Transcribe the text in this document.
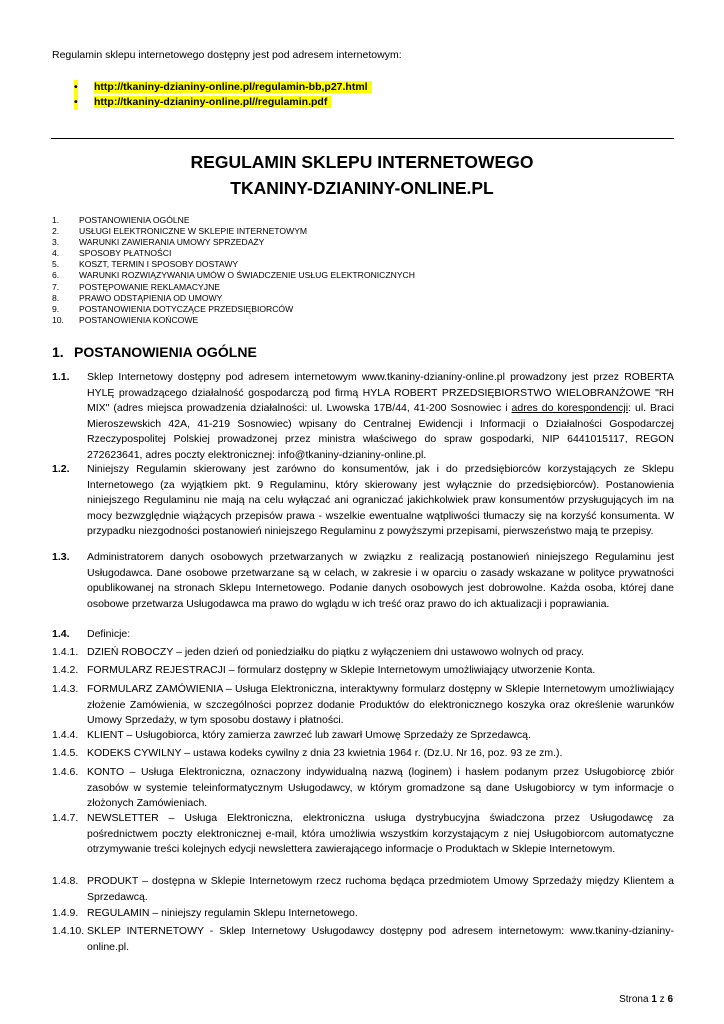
Regulamin sklepu internetowego dostępny jest pod adresem internetowym:
• http://tkaniny-dzianiny-online.pl/regulamin-bb,p27.html
• http://tkaniny-dzianiny-online.pl//regulamin.pdf
REGULAMIN SKLEPU INTERNETOWEGO
TKANINY-DZIANINY-ONLINE.PL
1. POSTANOWIENIA OGÓLNE
2. USŁUGI ELEKTRONICZNE W SKLEPIE INTERNETOWYM
3. WARUNKI ZAWIERANIA UMOWY SPRZEDAŻY
4. SPOSOBY PŁATNOŚCI
5. KOSZT, TERMIN I SPOSOBY DOSTAWY
6. WARUNKI ROZWIĄZYWANIA UMÓW O ŚWIADCZENIE USŁUG ELEKTRONICZNYCH
7. POSTĘPOWANIE REKLAMACYJNE
8. PRAWO ODSTĄPIENIA OD UMOWY
9. POSTANOWIENIA DOTYCZĄCE PRZEDSIĘBIORCÓW
10. POSTANOWIENIA KOŃCOWE
1. POSTANOWIENIA OGÓLNE
1.1.	Sklep Internetowy dostępny pod adresem internetowym www.tkaniny-dzianiny-online.pl prowadzony jest przez ROBERTA HYLĘ prowadzącego działalność gospodarczą pod firmą HYLA ROBERT PRZEDSIĘBIORSTWO WIELOBRANŻOWE "RH MIX" (adres miejsca prowadzenia działalności: ul. Lwowska 17B/44, 41-200 Sosnowiec i adres do korespondencji: ul. Braci Mieroszewskich 42A, 41-219 Sosnowiec) wpisany do Centralnej Ewidencji i Informacji o Działalności Gospodarczej Rzeczypospolitej Polskiej prowadzonej przez ministra właściwego do spraw gospodarki, NIP 6441015117, REGON 272623641, adres poczty elektronicznej: info@tkaniny-dzianiny-online.pl.
1.2.	Niniejszy Regulamin skierowany jest zarówno do konsumentów, jak i do przedsiębiorców korzystających ze Sklepu Internetowego (za wyjątkiem pkt. 9 Regulaminu, który skierowany jest wyłącznie do przedsiębiorców). Postanowienia niniejszego Regulaminu nie mają na celu wyłączać ani ograniczać jakichkolwiek praw konsumentów przysługujących im na mocy bezwzględnie wiążących przepisów prawa - wszelkie ewentualne wątpliwości tłumaczy się na korzyść konsumenta. W przypadku niezgodności postanowień niniejszego Regulaminu z powyższymi przepisami, pierwszeństwo mają te przepisy.
1.3.	Administratorem danych osobowych przetwarzanych w związku z realizacją postanowień niniejszego Regulaminu jest Usługodawca. Dane osobowe przetwarzane są w celach, w zakresie i w oparciu o zasady wskazane w polityce prywatności opublikowanej na stronach Sklepu Internetowego. Podanie danych osobowych jest dobrowolne. Każda osoba, której dane osobowe przetwarza Usługodawca ma prawo do wglądu w ich treść oraz prawo do ich aktualizacji i poprawiania.
1.4.	Definicje:
1.4.1. DZIEŃ ROBOCZY – jeden dzień od poniedziałku do piątku z wyłączeniem dni ustawowo wolnych od pracy.
1.4.2. FORMULARZ REJESTRACJI – formularz dostępny w Sklepie Internetowym umożliwiający utworzenie Konta.
1.4.3. FORMULARZ ZAMÓWIENIA – Usługa Elektroniczna, interaktywny formularz dostępny w Sklepie Internetowym umożliwiający złożenie Zamówienia, w szczególności poprzez dodanie Produktów do elektronicznego koszyka oraz określenie warunków Umowy Sprzedaży, w tym sposobu dostawy i płatności.
1.4.4. KLIENT – Usługobiorca, który zamierza zawrzeć lub zawarł Umowę Sprzedaży ze Sprzedawcą.
1.4.5. KODEKS CYWILNY – ustawa kodeks cywilny z dnia 23 kwietnia 1964 r. (Dz.U. Nr 16, poz. 93 ze zm.).
1.4.6. KONTO – Usługa Elektroniczna, oznaczony indywidualną nazwą (loginem) i hasłem podanym przez Usługobiorcę zbiór zasobów w systemie teleinformatycznym Usługodawcy, w którym gromadzone są dane Usługobiorcy w tym informacje o złożonych Zamówieniach.
1.4.7. NEWSLETTER – Usługa Elektroniczna, elektroniczna usługa dystrybucyjna świadczona przez Usługodawcę za pośrednictwem poczty elektronicznej e-mail, która umożliwia wszystkim korzystającym z niej Usługobiorcom automatyczne otrzymywanie treści kolejnych edycji newslettera zawierającego informacje o Produktach w Sklepie Internetowym.
1.4.8. PRODUKT – dostępna w Sklepie Internetowym rzecz ruchoma będąca przedmiotem Umowy Sprzedaży między Klientem a Sprzedawcą.
1.4.9. REGULAMIN – niniejszy regulamin Sklepu Internetowego.
1.4.10. SKLEP INTERNETOWY - Sklep Internetowy Usługodawcy dostępny pod adresem internetowym: www.tkaniny-dzianiny-online.pl.
Strona 1 z 6
